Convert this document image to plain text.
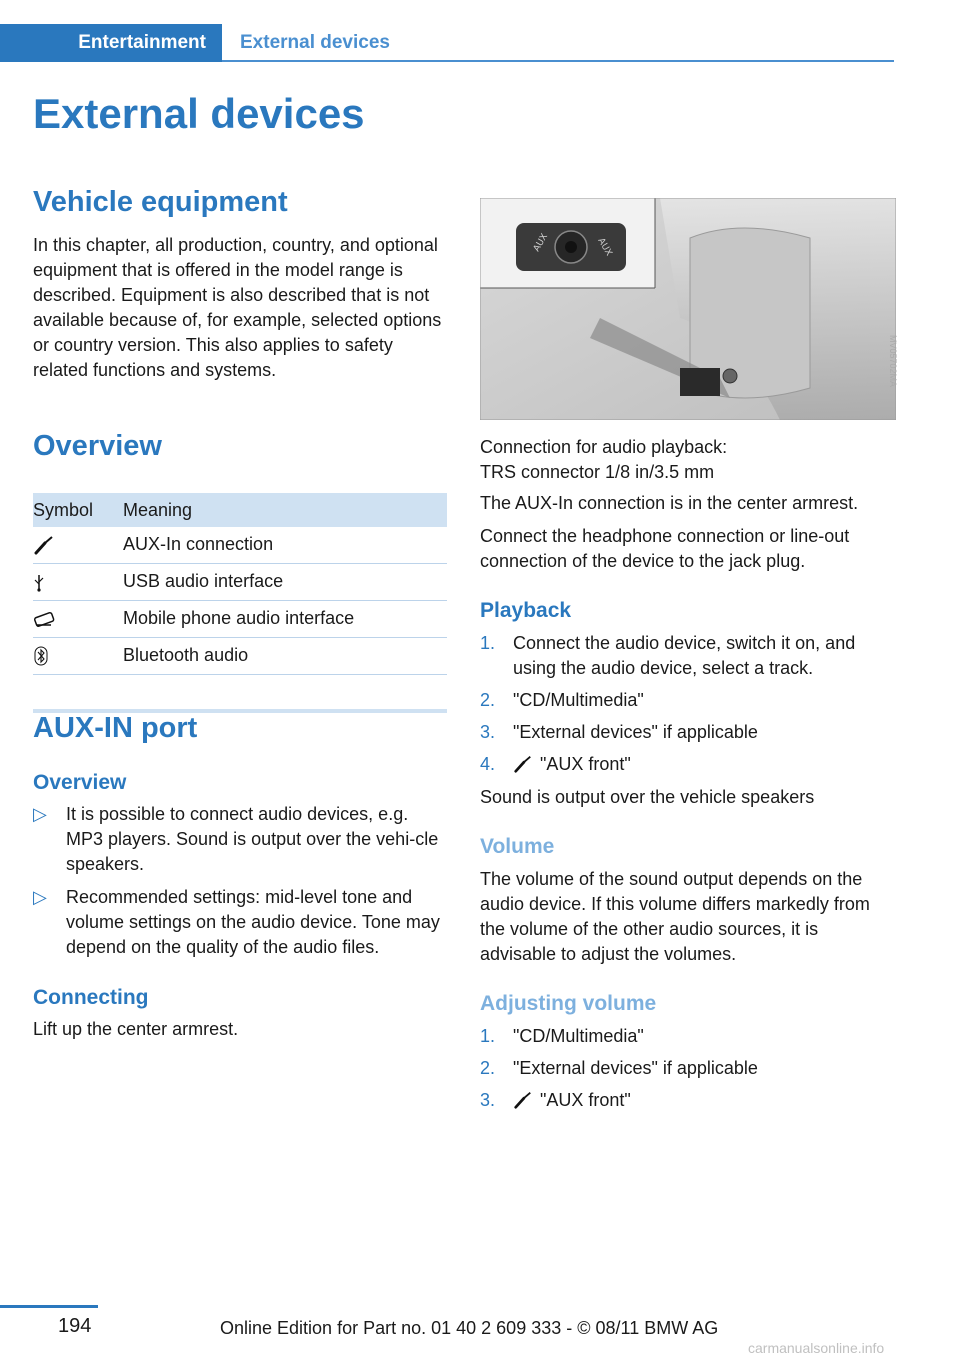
Entertainment	External devices
External devices
Vehicle equipment

In this chapter, all production, country, and optional equipment that is offered in the model range is described. Equipment is also described that is not available because of, for example, selected options or country version. This also applies to safety related functions and systems.

Overview
Symbol Meaning
AUX-In connection
USB audio interface
Mobile phone audio interface
Bluetooth audio
AUX-IN port
Overview
▷ It is possible to connect audio devices, e.g. MP3 players. Sound is output over the vehi-cle speakers.
▷ Recommended settings: mid-level tone and volume settings on the audio device. Tone may depend on the quality of the audio files.
Connecting

Lift up the center armrest.

AUX	AUX
MV05702MA

Connection for audio playback:

TRS connector 1/8 in/3.5 mm

The AUX-In connection is in the center armrest.

Connect the headphone connection or line-out connection of the device to the jack plug.

Playback
1. Connect the audio device, switch it on, and using the audio device, select a track.
2. "CD/Multimedia"
3. "External devices" if applicable
4. "AUX front"

Sound is output over the vehicle speakers

Volume

The volume of the sound output depends on the audio device. If this volume differs markedly from the volume of the other audio sources, it is advisable to adjust the volumes.

Adjusting volume
1. "CD/Multimedia"
2. "External devices" if applicable
3. "AUX front"
194	Online Edition for Part no. 01 40 2 609 333 - © 08/11 BMW AG
carmanualsonline.info
